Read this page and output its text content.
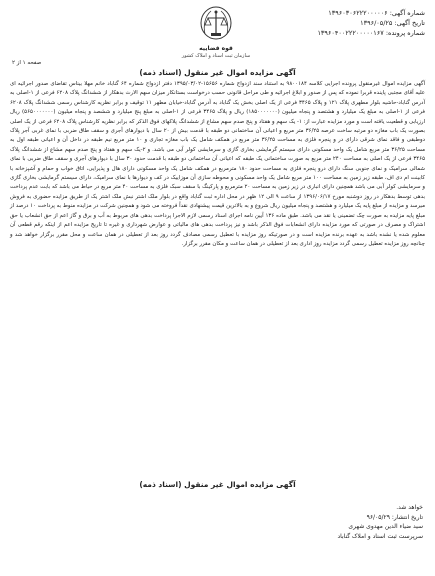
شماره آگهی: ۱۳۹۶۰۳۰۶۲۲۲۰۰۰۰۰۶
تاریخ آگهی: ۱۳۹۶/۰۵/۲۵
شماره پرونده: ۱۳۹۶۰۴۰۰۲۲۲۰۰۰۰۰۱۶۷
قوه قضاییه
سازمان ثبت اسناد و املاک کشور
صفحه ۱ از ۲
آگهی مزایده اموال غیر منقول (اسناد ذمه)
آگهی مزایده اموال غیرمنقول پرونده اجرایی کلاسه ۹۸۰۰۱۸۴ به استناد سند ازدواج شماره ۱۵۶۵۶-۱۳۹۵/۰۳/۰۲ دفتر ازدواج شماره ۶۴ گناباد خانم مهلا بیناس تقاضای صدور اجرائیه ای علیه آقای مجتبی پاینده قربرا نموده که پس از صدور و ابلاغ اجرائیه و طی مراحل قانونی حسب درخواست بستانکار میزان سهم الارث بدهکار از ششدانگ پلاک ۶۲۰۸ فرعی از ۱-اصلی به آدرس گناباد-حاشیه بلوار مطهری پلاک ۱۲۱ و پلاک ۳۴۶۵ فرعی از یک اصلی بخش یک گناباد به آدرس گناباد-خیابان مطهر ۱۱ توقیف و برابر نظریه کارشناس رسمی ششدانگ پلاک ۶۲۰۸ فرعی از ۱-اصلی به مبلغ یک میلیارد و هشتصد و پنجاه میلیون (۱۸۵۰۰۰۰۰۰۰) ریال و پلاک ۳۴۶۵ فرعی از ۱-اصلی به مبلغ پنج میلیارد و ششصد و پنجاه میلیون (۵۶۵۰۰۰۰۰۰۰) ریال ارزیابی و قطعیت یافته است و مورد مزایده عبارت از: ۱- یک سهم و هفتاد و پنج صدم سهم مشاع از ششدانگ پلاکهای فوق الذکر که برابر نظریه کارشناس پلاک ۶۲۰۸ فرعی از یک اصلی بصورت یک باب مغازه دو مرتبه ساخت عرصه ۳۶/۲۵ متر مربع و اعیانی آن ساختمانی دو طبقه با قدمت بیش از ۲۰ سال با دیوارهای آجری و سقف طاق ضربی با نمای غربی آجر پلاک دوطبقی و فاقد نمای شرقی دارای در و پنجره فلزی به مساحت ۳۶/۲۵ متر مربع در همکف شامل یک باب مغازه تجاری و ۱۰ متر مربع نیم طبقه در داخل آن و اعیانی طبقه اول به مساحت ۳۶/۲۵ متر مربع شامل یک واحد مسکونی دارای سیستم گرمایشی بخاری گازی و سرمایشی کولر آبی می باشد. و ۲-یک سهم و هفتاد و پنج صدم سهم مشاع از ششدانگ پلاک ۳۴۶۵ فرعی از یک اصلی به مساحت ۲۴۰ متر مربع به صورت ساختمانی یک طبقه که اعیانی آن ساختمانی دو طبقه با قدمت حدود ۳۰ سال با دیوارهای آجری و سقف طاق ضربی با نمای شمالی سرامیک و نمای جنوبی سنگ دارای درو پنجره فلزی به مساحت حدود ۱۸۰ مترمربع در همکف شامل یک واحد مسکونی دارای هال و پذیرایی، اتاق خواب و حمام و آشپزخانه با کابینت ام دی اف، طبقه زیر زمین به مساحت ۱۰۰ متر مربع شامل یک واحد مسکونی و محوطه سازی آن موزاییک در کف و دیوارها با نمای سرامیک، دارای سیستم گرمایشی بخاری گازی و سرمایشی کولر آبی می باشد همچنین دارای انباری در زیر زمین به مساحت ۲۰ مترمربع و پارکینگ با سقف سبک فلزی به مساحت ۴۰ متر مربع در حیاط می باشد که بابت عدم پرداخت بدهی توسط بدهکار در روز دوشنبه مورخ ۱۳۹۶/۰۶/۱۷ از ساعت ۹ الی ۱۲ ظهر در محل اداره ثبت گناباد واقع در بلوار ملک اشتر نبش ملک اشتر یک از طریق مزایده حضوری به فروش میرسد و مزایده از مبلغ پایه یک میلیارد و هشتصد و پنجاه میلیون ریال شروع و به بالاترین قیمت پیشنهادی نقداً فروخته می شود و همچنین شرکت در مزایده منوط به پرداخت ۱۰ درصد از مبلغ پایه مزایده به صورت چک تضمینی یا نقد می باشد. طبق ماده ۱۳۶ آیین نامه اجرای اسناد رسمی لازم الاجرا پرداخت بدهی های مربوط به آب و برق و گاز اعم از حق انشعاب یا حق اشتراک و مصرف در صورتی که مورد مزایده دارای انشعابات فوق الذکر باشد و نیز پرداخت بدهی های مالیاتی و عوارض شهرداری و غیره تا تاریخ مزایده اعم از اینکه رقم قطعی آن معلوم شده یا نشده باشد به عهده برنده مزایده است و در صورتیکه روز مزایده با تعطیل رسمی مصادف گردد روز بعد از تعطیلی در همان ساعت و محل مقرر برگزار خواهد شد و چنانچه روز مزایده تعطیل رسمی گردد مزایده روز اداری بعد از تعطیلی در همان ساعت و مکان مقرر برگزار.
آگهی مزایده اموال غیر منقول (اسناد ذمه)
خواهد شد.
تاریخ انتشار: ۹۶/۰۵/۲۹
سید ضیاء الدین مهدوی شهری
سرپرست ثبت اسناد و املاک گناباد
